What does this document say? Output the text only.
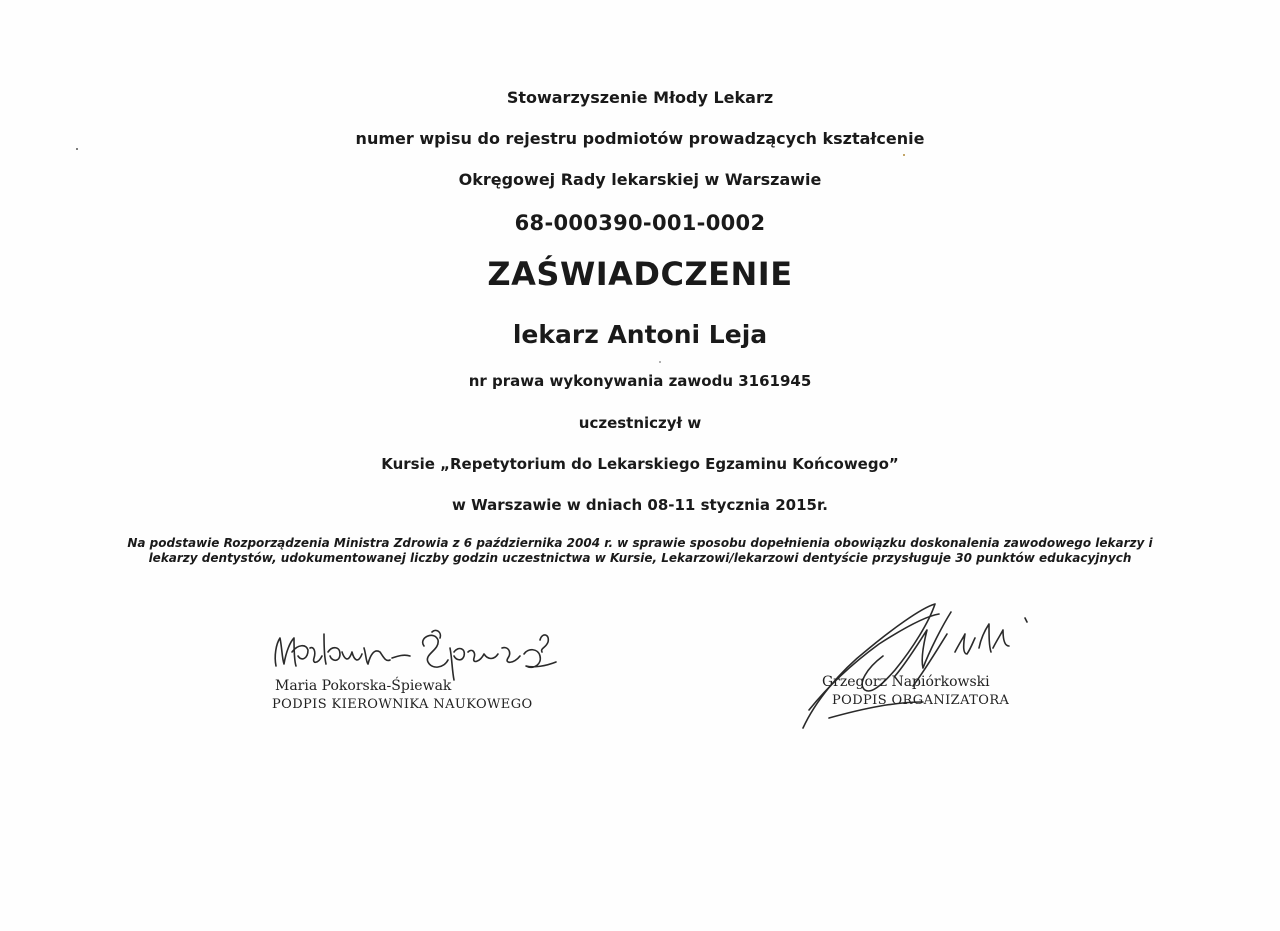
Stowarzyszenie Młody Lekarz
numer wpisu do rejestru podmiotów prowadzących kształcenie
Okręgowej Rady lekarskiej w Warszawie
68-000390-001-0002
ZAŚWIADCZENIE
lekarz Antoni Leja
nr prawa wykonywania zawodu 3161945
uczestniczył w
Kursie „Repetytorium do Lekarskiego Egzaminu Końcowego”
w Warszawie w dniach 08-11 stycznia 2015r.
Na podstawie Rozporządzenia Ministra Zdrowia z 6 października 2004 r. w sprawie sposobu dopełnienia obowiązku doskonalenia zawodowego lekarzy i
lekarzy dentystów, udokumentowanej liczby godzin uczestnictwa w Kursie, Lekarzowi/lekarzowi dentyście przysługuje 30 punktów edukacyjnych
Maria Pokorska-Śpiewak
PODPIS KIEROWNIKA NAUKOWEGO
Grzegorz Napiórkowski
PODPIS ORGANIZATORA
